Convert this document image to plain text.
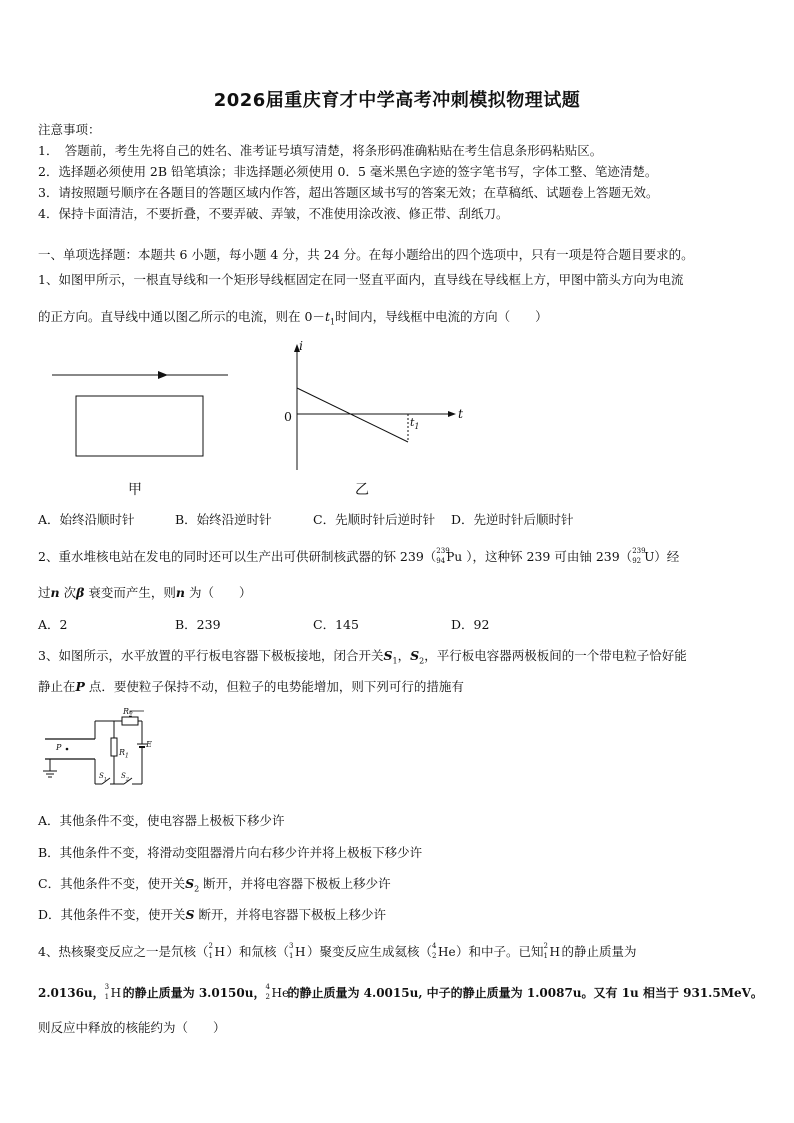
2026届重庆育才中学高考冲刺模拟物理试题
注意事项：
1．　答题前，考生先将自己的姓名、准考证号填写清楚，将条形码准确粘贴在考生信息条形码粘贴区。
2．选择题必须使用 2B 铅笔填涂；非选择题必须使用 0．5 毫米黑色字迹的签字笔书写，字体工整、笔迹清楚。
3．请按照题号顺序在各题目的答题区域内作答，超出答题区域书写的答案无效；在草稿纸、试题卷上答题无效。
4．保持卡面清洁，不要折叠，不要弄破、弄皱，不准使用涂改液、修正带、刮纸刀。
一、单项选择题：本题共 6 小题，每小题 4 分，共 24 分。在每小题给出的四个选项中，只有一项是符合题目要求的。
1、如图甲所示，一根直导线和一个矩形导线框固定在同一竖直平面内，直导线在导线框上方，甲图中箭头方向为电流
的正方向。直导线中通以图乙所示的电流，则在 $0-t_1$时间内，导线框中电流的方向（　　）
i
t
0	$t_1$
甲	乙
A．始终沿顺时针	B．始终沿逆时针	C．先顺时针后逆时针 D．先逆时针后顺时针
2、重水堆核电站在发电的同时还可以生产出可供研制核武器的钚 239（ 239
94 Pu ），这种钚 239 可由铀 239（ 239
92 U ）经
过n 次β 衰变而产生，则n 为（　　）
A．2	B．239	C．145	D．92
3、如图所示，水平放置的平行板电容器下极板接地，闭合开关$S_1$，$S_2$，平行板电容器两极板间的一个带电粒子恰好能
静止在P 点．要使粒子保持不动，但粒子的电势能增加，则下列可行的措施有
P
$R_2$
$R_1$
E
$S_1$ $S_2$
A．其他条件不变，使电容器上极板下移少许
B．其他条件不变，将滑动变阻器滑片向右移少许并将上极板下移少许
C．其他条件不变，使开关$S_2$ 断开，并将电容器下极板上移少许
D．其他条件不变，使开关S 断开，并将电容器下极板上移少许
4、热核聚变反应之一是氘核（ 2
1 H ）和氚核（ 3
1 H ）聚变反应生成氦核（ 4
2 He ）和中子。已知 2
1 H 的静止质量为
2.0136u， 3
1 H 的静止质量为 3.0150u， 4
2 He
的静止质量为 4.0015u, 中子的静止质量为 1.0087u。又有 1u 相当于 931.5MeV。
则反应中释放的核能约为（　　）
